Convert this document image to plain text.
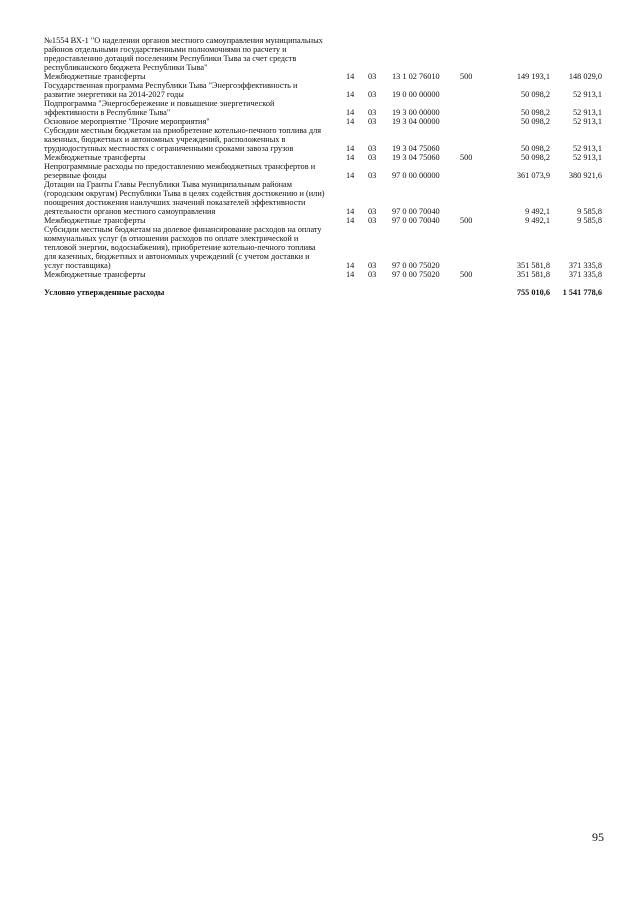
№1554 ВХ-1 "О наделении органов местного самоуправления муниципальных
районов отдельными государственными полномочиями по расчету и
предоставлению дотаций поселениям Республики Тыва за счет средств
республиканского бюджета Республики Тыва"						
Межбюджетные трансферты	14	03	13 1 02 76010	500	149 193,1	148 029,0
Государственная программа Республики Тыва "Энергоэффективность и
развитие энергетики на 2014-2027 годы	14	03	19 0 00 00000		50 098,2	52 913,1
Подпрограмма "Энергосбережение и повышение энергетической
эффективности в Республике Тыва"	14	03	19 3 00 00000		50 098,2	52 913,1
Основное мероприятие "Прочие мероприятия"	14	03	19 3 04 00000		50 098,2	52 913,1
Субсидии местным бюджетам на приобретение котельно-печного топлива для
казенных, бюджетных и автономных учреждений, расположенных в
труднодоступных местностях с ограниченными сроками завоза грузов	14	03	19 3 04 75060		50 098,2	52 913,1
Межбюджетные трансферты	14	03	19 3 04 75060	500	50 098,2	52 913,1
Непрограммные расходы по предоставлению межбюджетных трансфертов и
резервные фонды	14	03	97 0 00 00000		361 073,9	380 921,6
Дотации на Гранты Главы Республики Тыва муниципальным районам
(городским округам) Республики Тыва в целях содействия достижению и (или)
поощрения достижения наилучших значений показателей эффективности
деятельности органов местного самоуправления	14	03	97 0 00 70040		9 492,1	9 585,8
Межбюджетные трансферты	14	03	97 0 00 70040	500	9 492,1	9 585,8
Субсидии местным бюджетам на долевое финансирование расходов на оплату
коммунальных услуг (в отношении расходов по оплате электрической и
тепловой энергии, водоснабжения), приобретение котельно-печного топлива
для казенных, бюджетных и автономных учреждений (с учетом доставки и
услуг поставщика)	14	03	97 0 00 75020		351 581,8	371 335,8
Межбюджетные трансферты	14	03	97 0 00 75020	500	351 581,8	371 335,8

Условно утвержденные расходы					755 010,6	1 541 778,6
95
